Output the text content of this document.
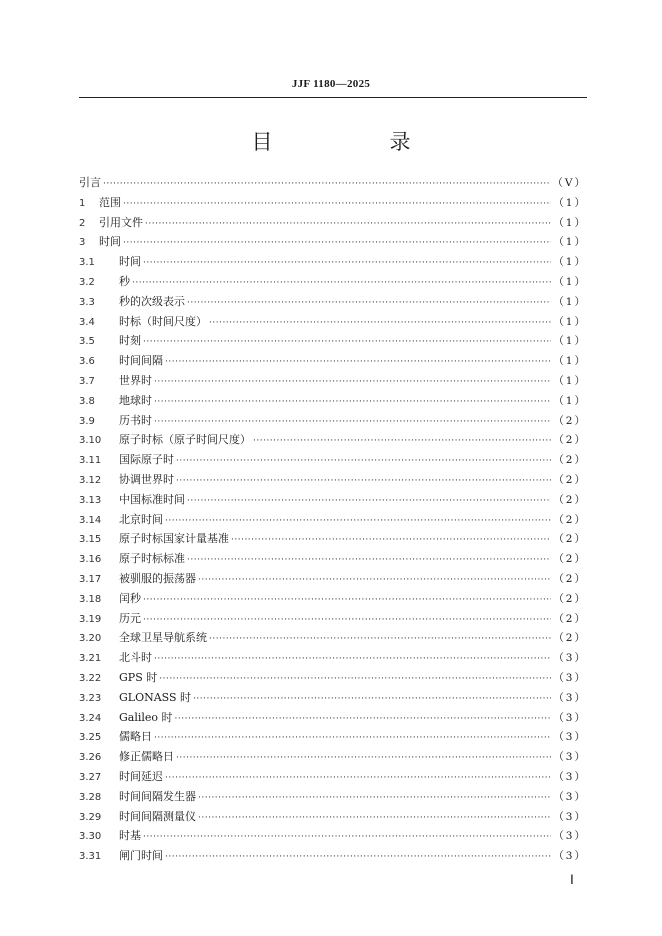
JJF 1180—2025
目　录
引言 ·····	（Ⅴ）
1	范围 ·····	（1）
2	引用文件 ·····	（1）
3	时间 ·····	（1）
3.1	时间 ·····	（1）
3.2	秒 ·····	（1）
3.3	秒的次级表示 ·····	（1）
3.4	时标（时间尺度） ·····	（1）
3.5	时刻 ·····	（1）
3.6	时间间隔 ·····	（1）
3.7	世界时 ·····	（1）
3.8	地球时 ·····	（1）
3.9	历书时 ·····	（2）
3.10	原子时标（原子时间尺度） ·····	（2）
3.11	国际原子时 ·····	（2）
3.12	协调世界时 ·····	（2）
3.13	中国标准时间 ·····	（2）
3.14	北京时间 ·····	（2）
3.15	原子时标国家计量基准 ·····	（2）
3.16	原子时标标准 ·····	（2）
3.17	被驯服的振荡器 ·····	（2）
3.18	闰秒 ·····	（2）
3.19	历元 ·····	（2）
3.20	全球卫星导航系统 ·····	（2）
3.21	北斗时 ·····	（3）
3.22	GPS 时 ·····	（3）
3.23	GLONASS 时 ·····	（3）
3.24	Galileo 时 ·····	（3）
3.25	儒略日 ·····	（3）
3.26	修正儒略日 ·····	（3）
3.27	时间延迟 ·····	（3）
3.28	时间间隔发生器 ·····	（3）
3.29	时间间隔测量仪 ·····	（3）
3.30	时基 ·····	（3）
3.31	闸门时间 ·····	（3）
Ⅰ
